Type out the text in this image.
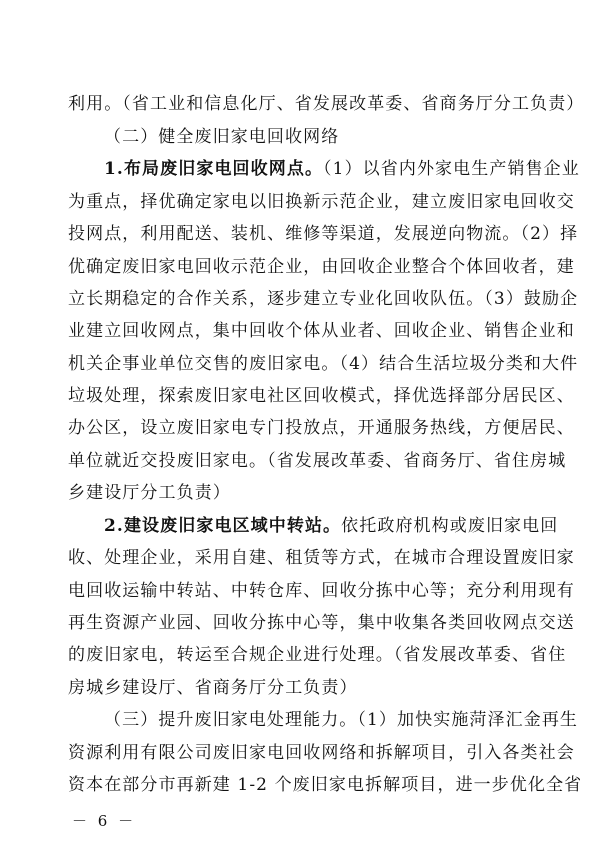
利用。（省工业和信息化厅、省发展改革委、省商务厅分工负责）
（二）健全废旧家电回收网络
1.布局废旧家电回收网点。（1）以省内外家电生产销售企业
为重点，择优确定家电以旧换新示范企业，建立废旧家电回收交
投网点，利用配送、装机、维修等渠道，发展逆向物流。（2）择
优确定废旧家电回收示范企业，由回收企业整合个体回收者，建
立长期稳定的合作关系，逐步建立专业化回收队伍。（3）鼓励企
业建立回收网点，集中回收个体从业者、回收企业、销售企业和
机关企事业单位交售的废旧家电。（4）结合生活垃圾分类和大件
垃圾处理，探索废旧家电社区回收模式，择优选择部分居民区、
办公区，设立废旧家电专门投放点，开通服务热线，方便居民、
单位就近交投废旧家电。（省发展改革委、省商务厅、省住房城
乡建设厅分工负责）
2.建设废旧家电区域中转站。依托政府机构或废旧家电回
收、处理企业，采用自建、租赁等方式，在城市合理设置废旧家
电回收运输中转站、中转仓库、回收分拣中心等；充分利用现有
再生资源产业园、回收分拣中心等，集中收集各类回收网点交送
的废旧家电，转运至合规企业进行处理。（省发展改革委、省住
房城乡建设厅、省商务厅分工负责）
（三）提升废旧家电处理能力。（1）加快实施菏泽汇金再生
资源利用有限公司废旧家电回收网络和拆解项目，引入各类社会
资本在部分市再新建 1-2 个废旧家电拆解项目，进一步优化全省
－ 6 －
